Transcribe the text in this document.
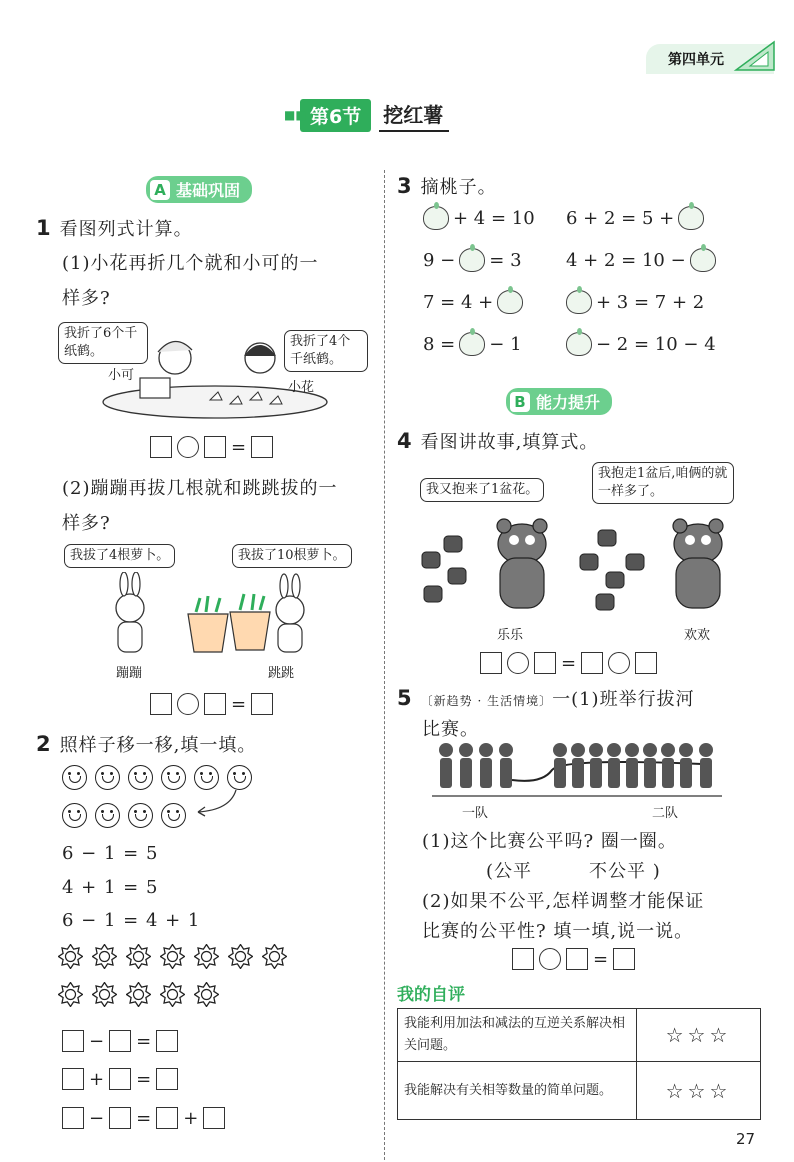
第四单元
■■ 第6节	挖红薯
A 基础巩固
1 看图列式计算。
(1)小花再折几个就和小可的一
样多?
我折了6个千纸鹤。
我折了4个千纸鹤。
小可
小花
=
(2)蹦蹦再拔几根就和跳跳拔的一
样多?
我拔了4根萝卜。	我拔了10根萝卜。
蹦蹦	跳跳
=
2 照样子移一移,填一填。
6 − 1 = 5
4 + 1 = 5
6 − 1 = 4 + 1
− =
+ =
− = +
3 摘桃子。
+ 4 = 10
9 − = 3
7 = 4 +
8 = − 1
6 + 2 = 5 +
4 + 2 = 10 −
+ 3 = 7 + 2
− 2 = 10 − 4
B 能力提升
4 看图讲故事,填算式。
我又抱来了1盆花。
我抱走1盆后,咱俩的就一样多了。
乐乐	欢欢
=
5 〔新趋势 · 生活情境〕一(1)班举行拔河
比赛。
一队	二队
(1)这个比赛公平吗? 圈一圈。
(公平	不公平 )
(2)如果不公平,怎样调整才能保证
比赛的公平性? 填一填,说一说。
=
我的自评
我能利用加法和减法的互逆关系解决相关问题。	☆☆☆
我能解决有关相等数量的简单问题。	☆☆☆
27
